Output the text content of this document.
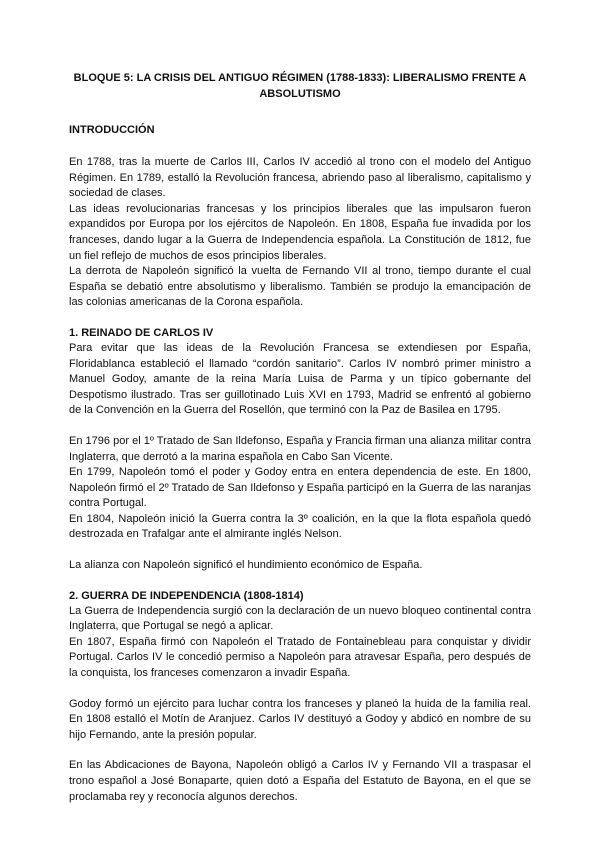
BLOQUE 5: LA CRISIS DEL ANTIGUO RÉGIMEN (1788-1833): LIBERALISMO FRENTE A ABSOLUTISMO
INTRODUCCIÓN

En 1788, tras la muerte de Carlos III, Carlos IV accedió al trono con el modelo del Antiguo Régimen. En 1789, estalló la Revolución francesa, abriendo paso al liberalismo, capitalismo y sociedad de clases.

Las ideas revolucionarias francesas y los principios liberales que las impulsaron fueron expandidos por Europa por los ejércitos de Napoleón. En 1808, España fue invadida por los franceses, dando lugar a la Guerra de Independencia española. La Constitución de 1812, fue un fiel reflejo de muchos de esos principios liberales.

La derrota de Napoleón significó la vuelta de Fernando VII al trono, tiempo durante el cual España se debatió entre absolutismo y liberalismo. También se produjo la emancipación de las colonias americanas de la Corona española.

1. REINADO DE CARLOS IV

Para evitar que las ideas de la Revolución Francesa se extendiesen por España, Floridablanca estableció el llamado “cordón sanitario”. Carlos IV nombró primer ministro a Manuel Godoy, amante de la reina María Luisa de Parma y un típico gobernante del Despotismo ilustrado. Tras ser guillotinado Luis XVI en 1793, Madrid se enfrentó al gobierno de la Convención en la Guerra del Rosellón, que terminó con la Paz de Basilea en 1795.

En 1796 por el 1º Tratado de San Ildefonso, España y Francia firman una alianza militar contra Inglaterra, que derrotó a la marina española en Cabo San Vicente.

En 1799, Napoleón tomó el poder y Godoy entra en entera dependencia de este. En 1800, Napoleón firmó el 2º Tratado de San Ildefonso y España participó en la Guerra de las naranjas contra Portugal.

En 1804, Napoleón inició la Guerra contra la 3º coalición, en la que la flota española quedó destrozada en Trafalgar ante el almirante inglés Nelson.

La alianza con Napoleón significó el hundimiento económico de España.

2. GUERRA DE INDEPENDENCIA (1808-1814)

La Guerra de Independencia surgió con la declaración de un nuevo bloqueo continental contra Inglaterra, que Portugal se negó a aplicar.

En 1807, España firmó con Napoleón el Tratado de Fontainebleau para conquistar y dividir Portugal. Carlos IV le concedió permiso a Napoleón para atravesar España, pero después de la conquista, los franceses comenzaron a invadir España.

Godoy formó un ejército para luchar contra los franceses y planeó la huida de la familia real. En 1808 estalló el Motín de Aranjuez. Carlos IV destituyó a Godoy y abdicó en nombre de su hijo Fernando, ante la presión popular.

En las Abdicaciones de Bayona, Napoleón obligó a Carlos IV y Fernando VII a traspasar el trono español a José Bonaparte, quien dotó a España del Estatuto de Bayona, en el que se proclamaba rey y reconocía algunos derechos.
